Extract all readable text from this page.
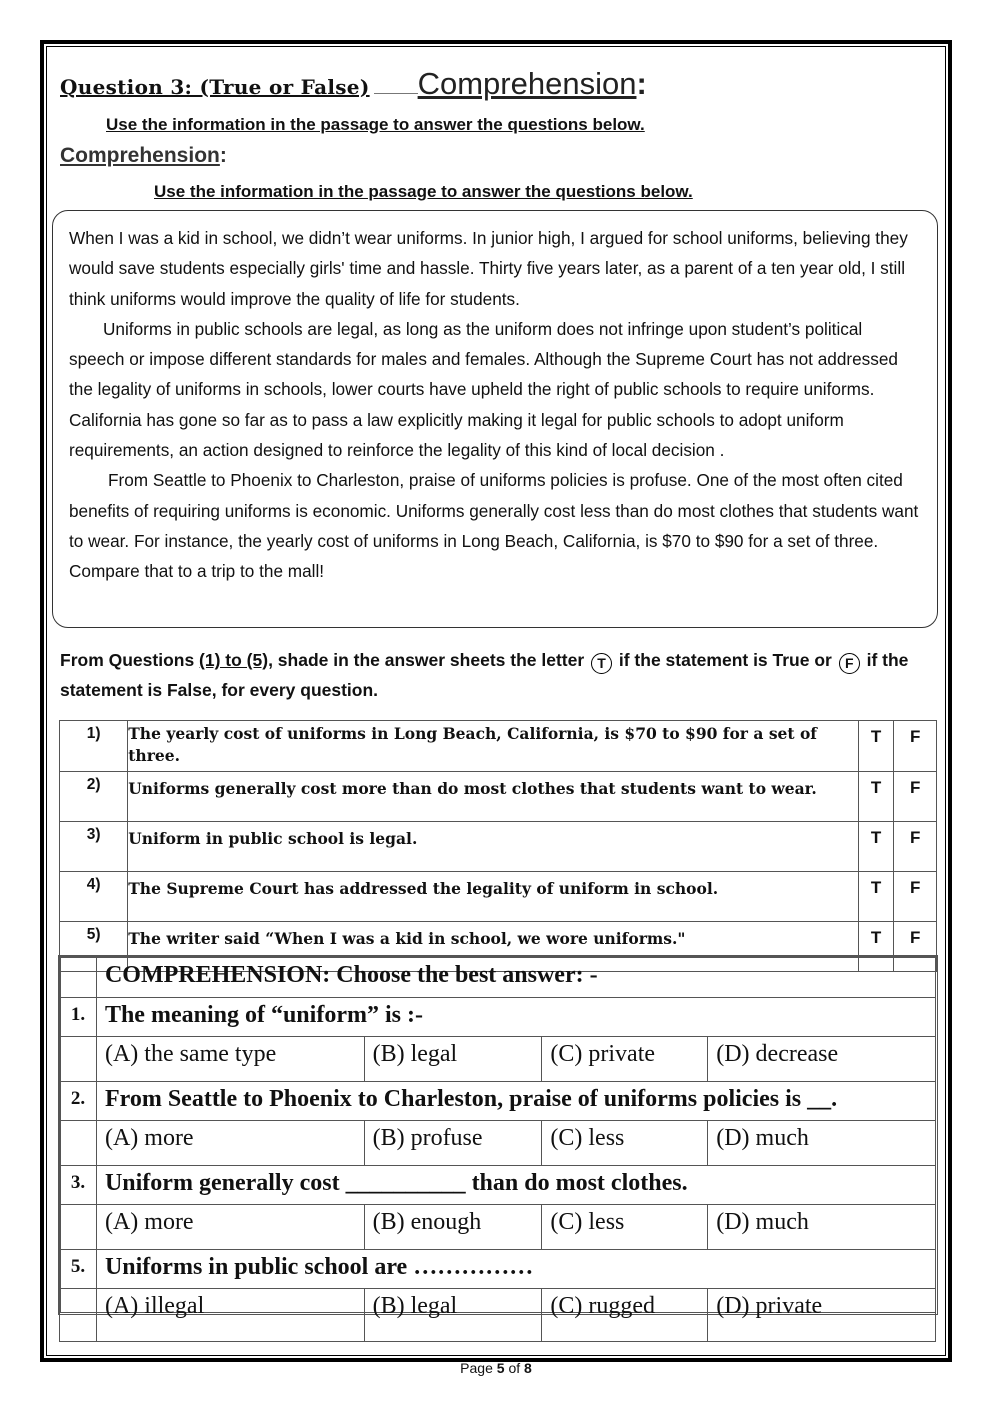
Question 3: (True or False) Comprehension:
Use the information in the passage to answer the questions below.
Comprehension:
Use the information in the passage to answer the questions below.

When I was a kid in school, we didn’t wear uniforms. In junior high, I argued for school uniforms, believing they would save students especially girls' time and hassle. Thirty five years later, as a parent of a ten year old, I still think uniforms would improve the quality of life for students.

Uniforms in public schools are legal, as long as the uniform does not infringe upon student’s political speech or impose different standards for males and females. Although the Supreme Court has not addressed the legality of uniforms in schools, lower courts have upheld the right of public schools to require uniforms. California has gone so far as to pass a law explicitly making it legal for public schools to adopt uniform requirements, an action designed to reinforce the legality of this kind of local decision .

From Seattle to Phoenix to Charleston, praise of uniforms policies is profuse. One of the most often cited benefits of requiring uniforms is economic. Uniforms generally cost less than do most clothes that students want to wear. For instance, the yearly cost of uniforms in Long Beach, California, is $70 to $90 for a set of three. Compare that to a trip to the mall!

From Questions (1) to (5), shade in the answer sheets the letter T if the statement is True or F if the statement is False, for every question.
1)	The yearly cost of uniforms in Long Beach, California, is $70 to $90 for a set of three.	T	F
2)	Uniforms generally cost more than do most clothes that students want to wear.	T	F
3)	Uniform in public school is legal.	T	F
4)	The Supreme Court has addressed the legality of uniform in school.	T	F
5)	The writer said “When I was a kid in school, we wore uniforms."	T	F
	COMPREHENSION: Choose the best answer: -			
1.	The meaning of “uniform” is :-			
	(A) the same type	(B) legal	(C) private	(D) decrease
2.	From Seattle to Phoenix to Charleston, praise of uniforms policies is __.			
	(A) more	(B) profuse	(C) less	(D) much
3.	Uniform generally cost __________ than do most clothes.			
	(A) more	(B) enough	(C) less	(D) much
5.	Uniforms in public school are ……………			
	(A) illegal	(B) legal	(C) rugged	(D) private
Page 5 of 8
